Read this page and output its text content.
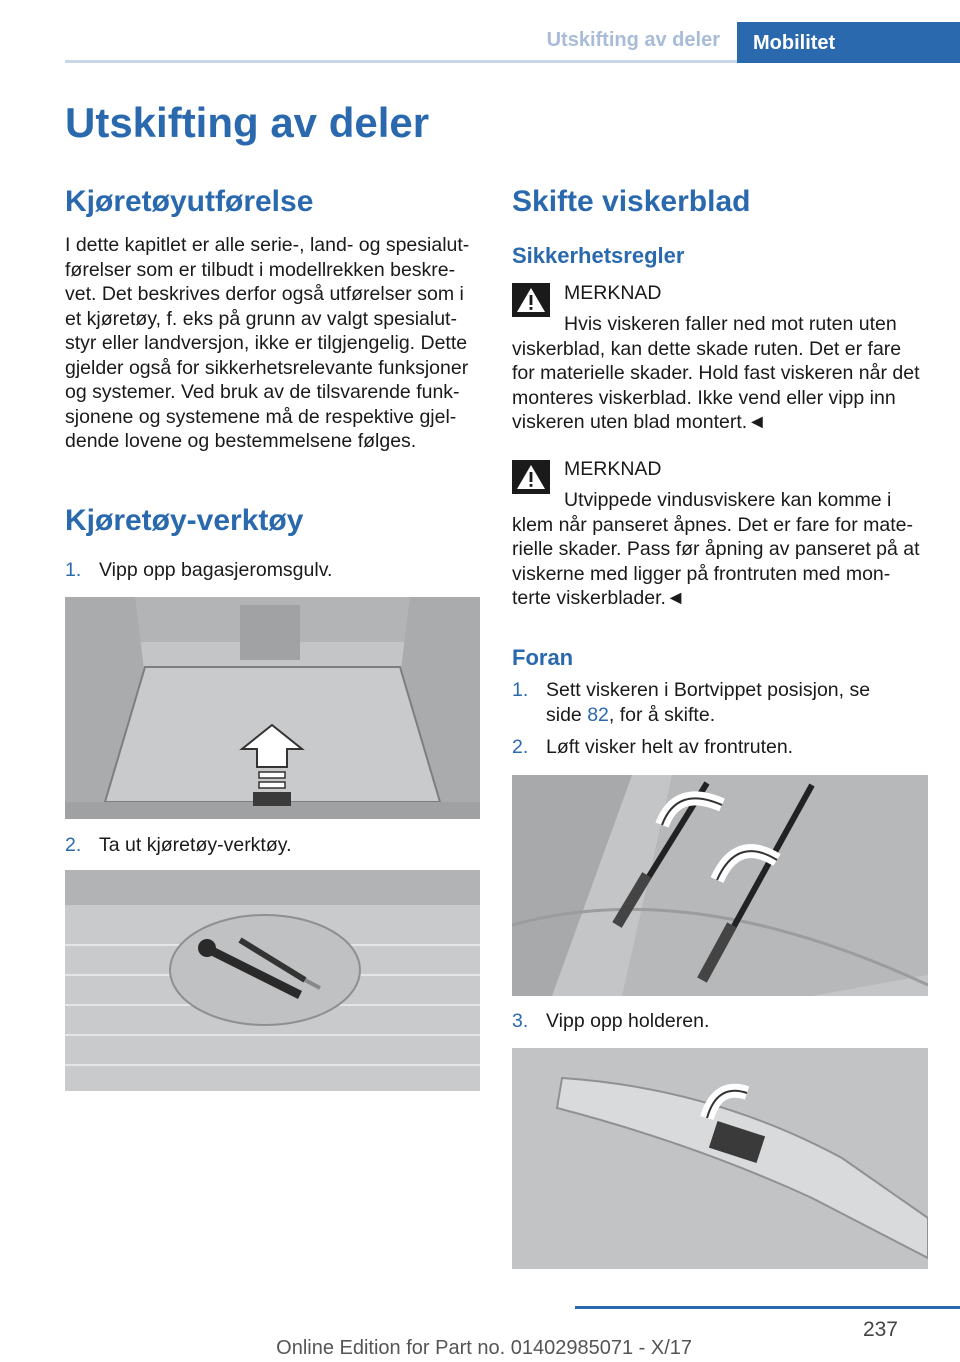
Utskifting av deler	Mobilitet
Utskifting av deler
Kjøretøyutførelse
I dette kapitlet er alle serie-, land- og spesialut-
førelser som er tilbudt i modellrekken beskre-
vet. Det beskrives derfor også utførelser som i
et kjøretøy, f. eks på grunn av valgt spesialut-
styr eller landversjon, ikke er tilgjengelig. Dette
gjelder også for sikkerhetsrelevante funksjoner
og systemer. Ved bruk av de tilsvarende funk-
sjonene og systemene må de respektive gjel-
dende lovene og bestemmelsene følges.
Kjøretøy-verktøy
1. Vipp opp bagasjeromsgulv.
2. Ta ut kjøretøy-verktøy.
Skifte viskerblad
Sikkerhetsregler
MERKNAD
Hvis viskeren faller ned mot ruten uten
viskerblad, kan dette skade ruten. Det er fare
for materielle skader. Hold fast viskeren når det
monteres viskerblad. Ikke vend eller vipp inn
viskeren uten blad montert.◄
MERKNAD
Utvippede vindusviskere kan komme i
klem når panseret åpnes. Det er fare for mate-
rielle skader. Pass før åpning av panseret på at
viskerne med ligger på frontruten med mon-
terte viskerblader.◄
Foran
1. Sett viskeren i Bortvippet posisjon, se
side 82, for å skifte.
2. Løft visker helt av frontruten.
3. Vipp opp holderen.
237
Online Edition for Part no. 01402985071 - X/17
